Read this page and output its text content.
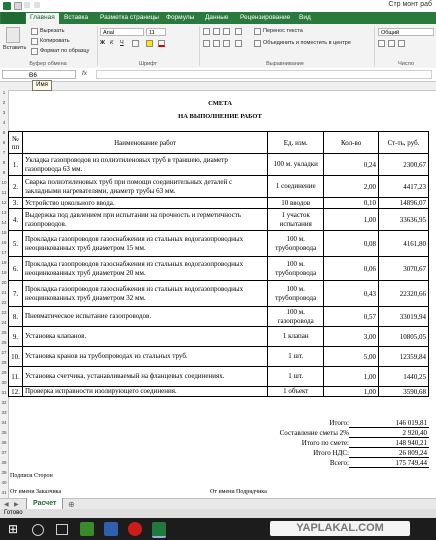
Стр монт раб
Главная	Вставка Разметка страницы Формулы Данные Рецензирование Вид
Вставить
Вырезать
Копировать
Формат по образцу
Буфер обмена
Arial	11
Ж К Ч
Шрифт
Перенос текста
Объединить и поместить в центре
Выравнивание
Общий
Число
B6	fx
Имя
1
2
3
4
5
6
7
8
9
10
11
12
13
14
15
16
17
18
19
20
21
22
23
24
25
26
27
28
29
30
31
32
33
34
35
36
37
38
39
40
41
СМЕТА
НА ВЫПОЛНЕНИЕ РАБОТ
№ пп	Наименование работ	Ед. изм.	Кол-во	Ст-ть, руб.
1.	Укладка газопроводов из полиэтиленовых труб в траншею, диаметр газопровода 63 мм.	100 м. укладки	0,24	2300,67
2.	Сварка полиэтиленовых труб при помощи соединительных деталей с закладными нагревателями, диаметр трубы 63 мм.	1 соединение	2,00	4417,23
3.	Устройство цокольного ввода.	10 вводов	0,10	14896,07
4.	Выдержка под давлением при испытании на прочность и герметичность газопроводов.	1 участок испытания	1,00	33636,95
5.	Прокладка газопроводов газоснабжения из стальных водогазопроводных неоцинкованных труб диаметром 15 мм.	100 м. трубопровода	0,08	4161,80
6.	Прокладка газопроводов газоснабжения из стальных водогазопроводных неоцинкованных труб диаметром 20 мм.	100 м. трубопровода	0,06	3070,67
7.	Прокладка газопроводов газоснабжения из стальных водогазопроводных неоцинкованных труб диаметром 32 мм.	100 м. трубопровода	0,43	22320,66
8.	Пневматическое испытание газопроводов.	100 м. газопровода	0,57	33019,94
9.	Установка клапанов.	1 клапан	3,00	10805,05
10.	Установка кранов на трубопроводах из стальных труб.	1 шт.	5,00	12359,84
11.	Установка счетчика, устанавливаемый на фланцевых соединениях.	1 шт.	1,00	1440,25
12.	Проверка исправности изолирующего соединения.	1 объект	1,00	3590,68
Итого:	146 019,81
Составление сметы 2%	2 920,40
Итого по смете:	148 940,21
Итого НДС:	26 809,24
Всего:	175 749,44
Подписи Сторон
От имени Заказчика	От имени Подрядчика
◀ ▶	Расчет	⊕
Готово
⊞	YAPLAKAL.COM
